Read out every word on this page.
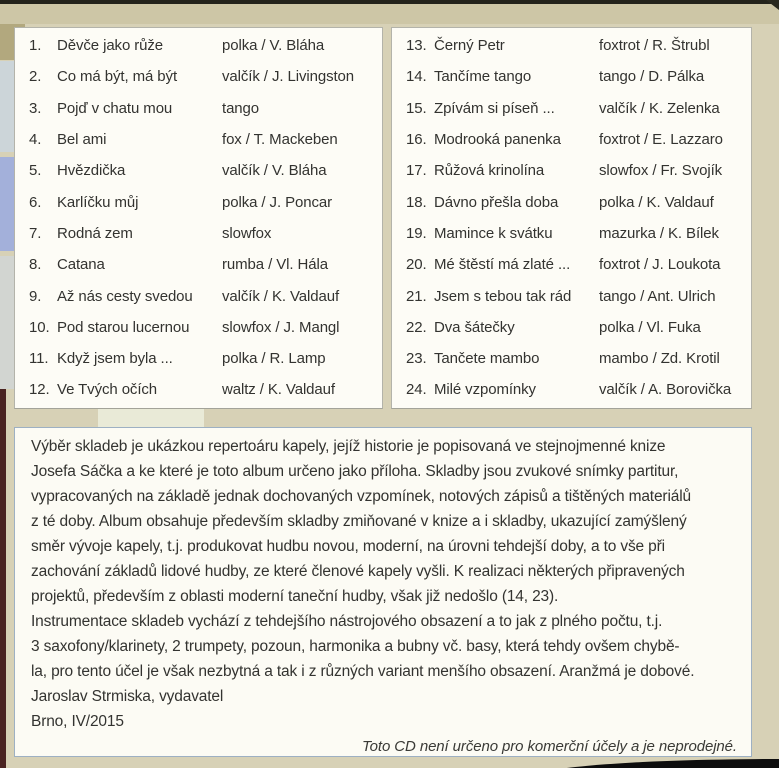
1.	Děvče jako růže	polka / V. Bláha
2.	Co má být, má být	valčík / J. Livingston
3.	Pojď v chatu mou	tango
4.	Bel ami	fox / T. Mackeben
5.	Hvězdička	valčík / V. Bláha
6.	Karlíčku můj	polka / J. Poncar
7.	Rodná zem	slowfox
8.	Catana	rumba / Vl. Hála
9.	Až nás cesty svedou	valčík / K. Valdauf
10. Pod starou lucernou	slowfox / J. Mangl
11. Když jsem byla ...	polka / R. Lamp
12. Ve Tvých očích	waltz / K. Valdauf
13. Černý Petr	foxtrot / R. Štrubl
14. Tančíme tango	tango / D. Pálka
15. Zpívám si píseň ...	valčík / K. Zelenka
16. Modrooká panenka	foxtrot / E. Lazzaro
17. Růžová krinolína	slowfox / Fr. Svojík
18. Dávno přešla doba	polka / K. Valdauf
19. Mamince k svátku	mazurka / K. Bílek
20. Mé štěstí má zlaté ...	foxtrot / J. Loukota
21. Jsem s tebou tak rád	tango / Ant. Ulrich
22. Dva šátečky	polka / Vl. Fuka
23. Tančete mambo	mambo / Zd. Krotil
24. Milé vzpomínky	valčík / A. Borovička
Výběr skladeb je ukázkou repertoáru kapely, jejíž historie je popisovaná ve stejnojmenné knize
Josefa Sáčka a ke které je toto album určeno jako příloha. Skladby jsou zvukové snímky partitur,
vypracovaných na základě jednak dochovaných vzpomínek, notových zápisů a tištěných materiálů
z té doby. Album obsahuje především skladby zmiňované v knize a i skladby, ukazující zamýšlený
směr vývoje kapely, t.j. produkovat hudbu novou, moderní, na úrovni tehdejší doby, a to vše při
zachování základů lidové hudby, ze které členové kapely vyšli. K realizaci některých připravených
projektů, především z oblasti moderní taneční hudby, však již nedošlo (14, 23).
Instrumentace skladeb vychází z tehdejšího nástrojového obsazení a to jak z plného počtu, t.j.
3 saxofony/klarinety, 2 trumpety, pozoun, harmonika a bubny vč. basy, která tehdy ovšem chybě-
la, pro tento účel je však nezbytná a tak i z různých variant menšího obsazení. Aranžmá je dobové.
Jaroslav Strmiska, vydavatel
Brno, IV/2015
Toto CD není určeno pro komerční účely a je neprodejné.
